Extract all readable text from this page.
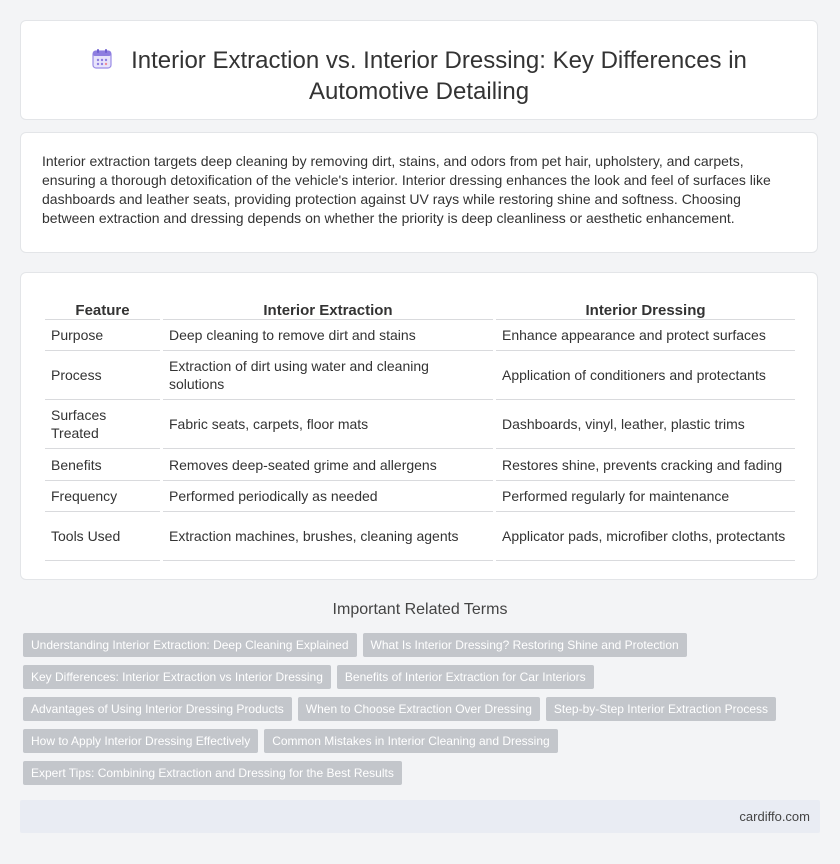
Interior Extraction vs. Interior Dressing: Key Differences in
Automotive Detailing

Interior extraction targets deep cleaning by removing dirt, stains, and odors from pet hair, upholstery, and carpets, ensuring a thorough detoxification of the vehicle's interior. Interior dressing enhances the look and feel of surfaces like dashboards and leather seats, providing protection against UV rays while restoring shine and softness. Choosing between extraction and dressing depends on whether the priority is deep cleanliness or aesthetic enhancement.

Feature	Interior Extraction	Interior Dressing
Purpose	Deep cleaning to remove dirt and stains	Enhance appearance and protect surfaces
Process	Extraction of dirt using water and cleaning solutions	Application of conditioners and protectants
Surfaces Treated	Fabric seats, carpets, floor mats	Dashboards, vinyl, leather, plastic trims
Benefits	Removes deep-seated grime and allergens	Restores shine, prevents cracking and fading
Frequency	Performed periodically as needed	Performed regularly for maintenance
Tools Used	Extraction machines, brushes, cleaning agents	Applicator pads, microfiber cloths, protectants
Important Related Terms
Understanding Interior Extraction: Deep Cleaning Explained What Is Interior Dressing? Restoring Shine and Protection
Key Differences: Interior Extraction vs Interior Dressing Benefits of Interior Extraction for Car Interiors
Advantages of Using Interior Dressing Products When to Choose Extraction Over Dressing Step-by-Step Interior Extraction Process
How to Apply Interior Dressing Effectively Common Mistakes in Interior Cleaning and Dressing
Expert Tips: Combining Extraction and Dressing for the Best Results
cardiffo.com
